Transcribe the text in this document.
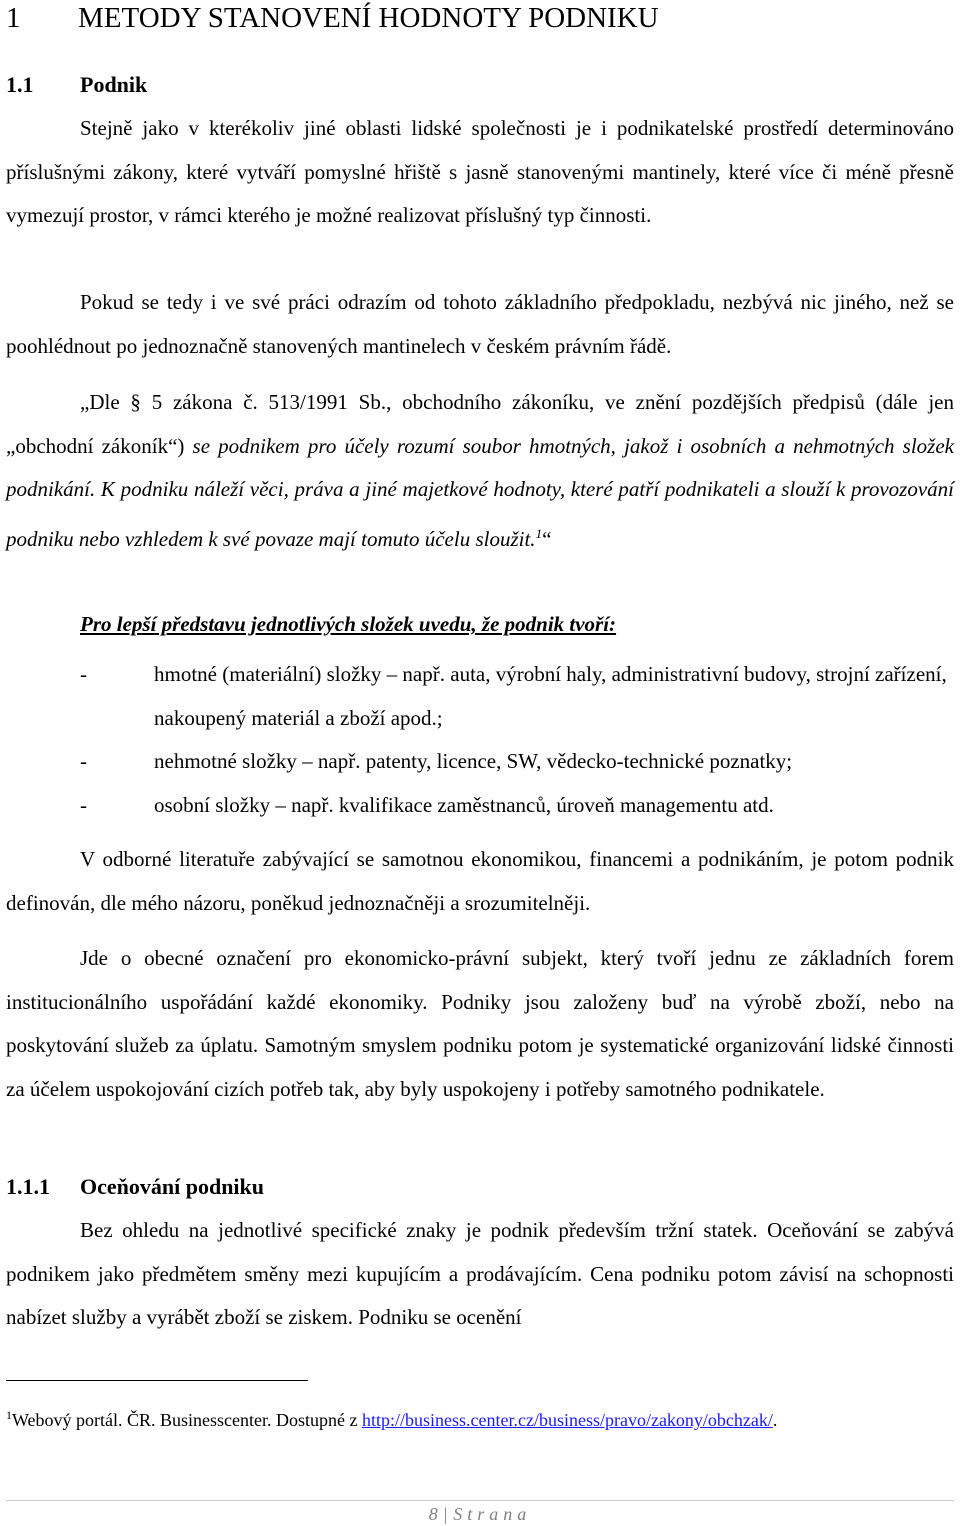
1 METODY STANOVENÍ HODNOTY PODNIKU
1.1 Podnik

Stejně jako v kterékoliv jiné oblasti lidské společnosti je i podnikatelské prostředí determinováno příslušnými zákony, které vytváří pomyslné hřiště s jasně stanovenými mantinely, které více či méně přesně vymezují prostor, v rámci kterého je možné realizovat příslušný typ činnosti.

Pokud se tedy i ve své práci odrazím od tohoto základního předpokladu, nezbývá nic jiného, než se poohlédnout po jednoznačně stanovených mantinelech v českém právním řádě.

„Dle § 5 zákona č. 513/1991 Sb., obchodního zákoníku, ve znění pozdějších předpisů (dále jen „obchodní zákoník“) se podnikem pro účely rozumí soubor hmotných, jakož i osobních a nehmotných složek podnikání. K podniku náleží věci, práva a jiné majetkové hodnoty, které patří podnikateli a slouží k provozování podniku nebo vzhledem k své povaze mají tomuto účelu sloužit.$^1$“

Pro lepší představu jednotlivých složek uvedu, že podnik tvoří:

-	hmotné (materiální) složky – např. auta, výrobní haly, administrativní budovy, strojní zařízení, nakoupený materiál a zboží apod.;
-	nehmotné složky – např. patenty, licence, SW, vědecko-technické poznatky;
-	osobní složky – např. kvalifikace zaměstnanců, úroveň managementu atd.

V odborné literatuře zabývající se samotnou ekonomikou, financemi a podnikáním, je potom podnik definován, dle mého názoru, poněkud jednoznačněji a srozumitelněji.

Jde o obecné označení pro ekonomicko-právní subjekt, který tvoří jednu ze základních forem institucionálního uspořádání každé ekonomiky. Podniky jsou založeny buď na výrobě zboží, nebo na poskytování služeb za úplatu. Samotným smyslem podniku potom je systematické organizování lidské činnosti za účelem uspokojování cizích potřeb tak, aby byly uspokojeny i potřeby samotného podnikatele.

1.1.1 Oceňování podniku

Bez ohledu na jednotlivé specifické znaky je podnik především tržní statek. Oceňování se zabývá podnikem jako předmětem směny mezi kupujícím a prodávajícím. Cena podniku potom závisí na schopnosti nabízet služby a vyrábět zboží se ziskem. Podniku se ocenění

$^1$Webový portál. ČR. Businesscenter. Dostupné z http://business.center.cz/business/pravo/zakony/obchzak/.

8 | Strana
